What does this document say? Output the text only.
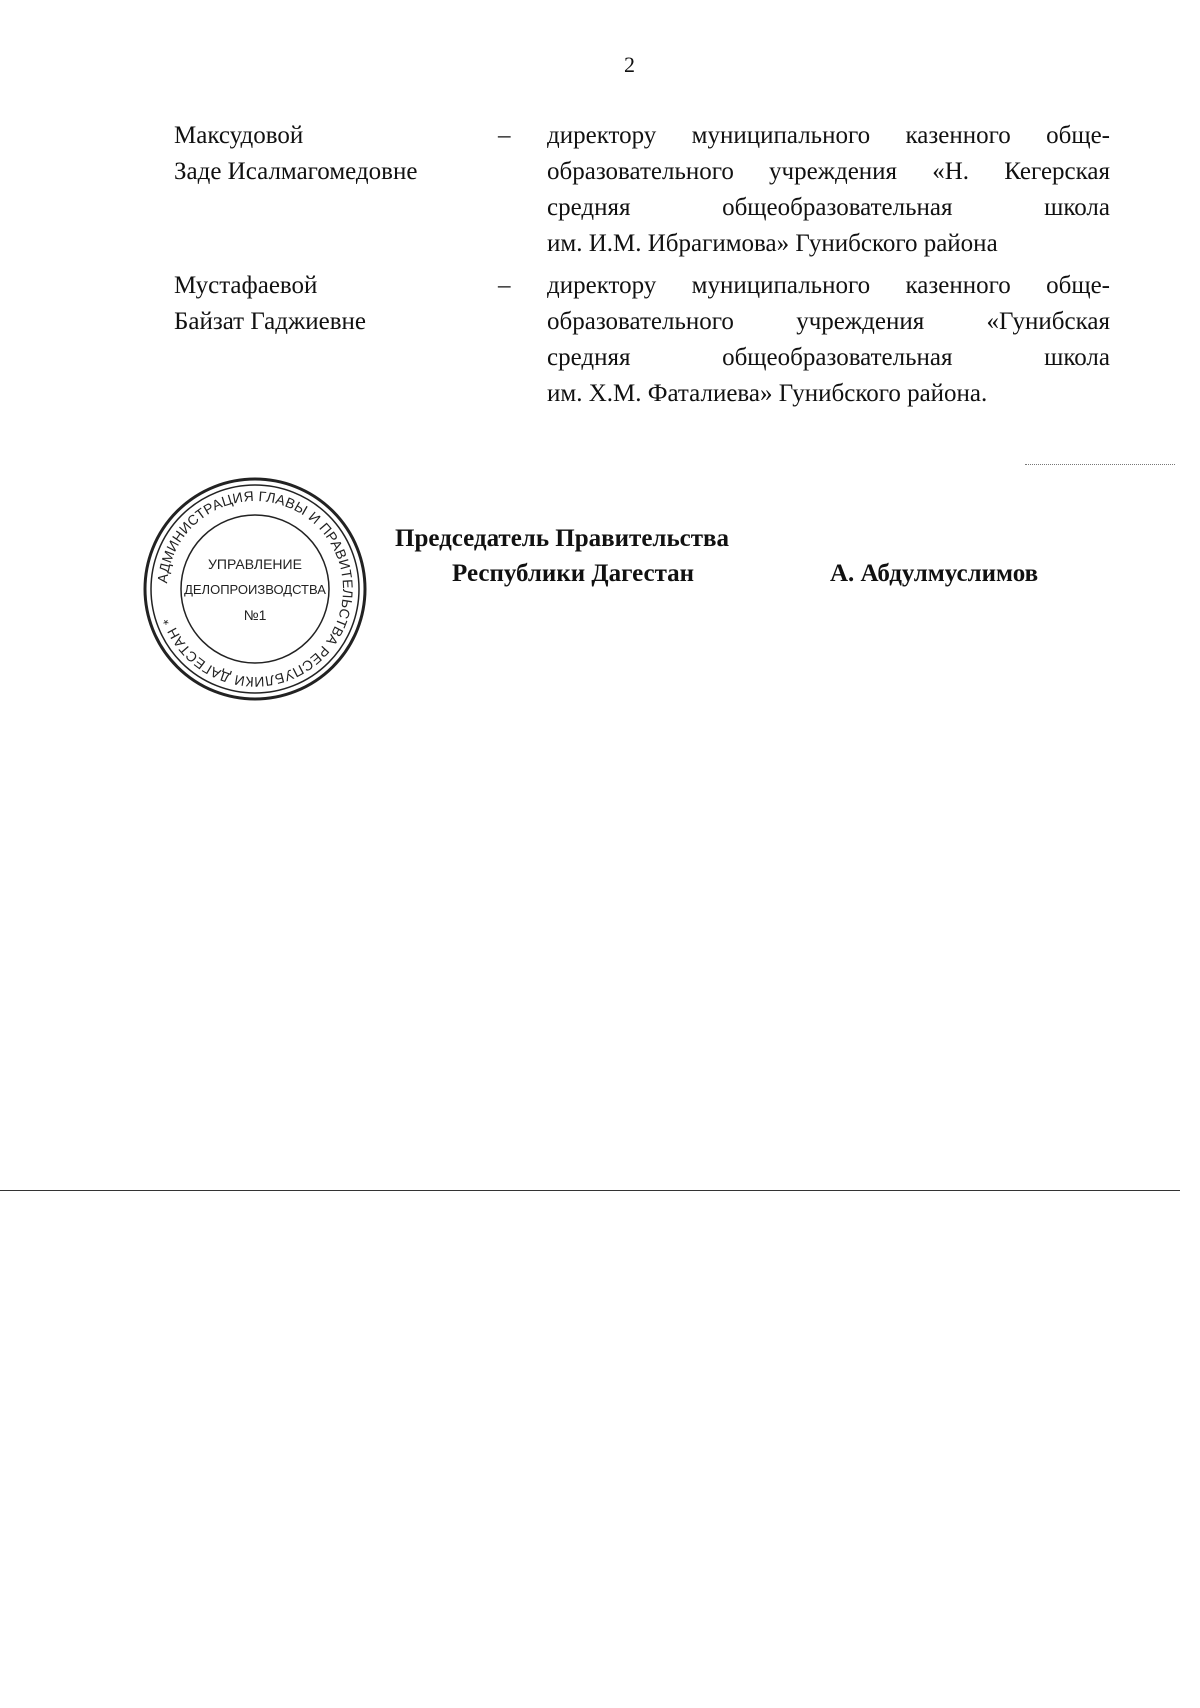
2
Максудовой
Заде Исалмагомедовне
– директору муниципального казенного обще-
образовательного учреждения «Н. Кегерская
средняя общеобразовательная школа
им. И.М. Ибрагимова» Гунибского района
Мустафаевой
Байзат Гаджиевне
– директору муниципального казенного обще-
образовательного учреждения «Гунибская
средняя общеобразовательная школа
им. Х.М. Фаталиева» Гунибского района.
АДМИНИСТРАЦИЯ ГЛАВЫ И ПРАВИТЕЛЬСТВА РЕСПУБЛИКИ ДАГЕСТАН *
УПРАВЛЕНИЕ
ДЕЛОПРОИЗВОДСТВА
№1
Председатель Правительства
Республики Дагестан	А. Абдулмуслимов
